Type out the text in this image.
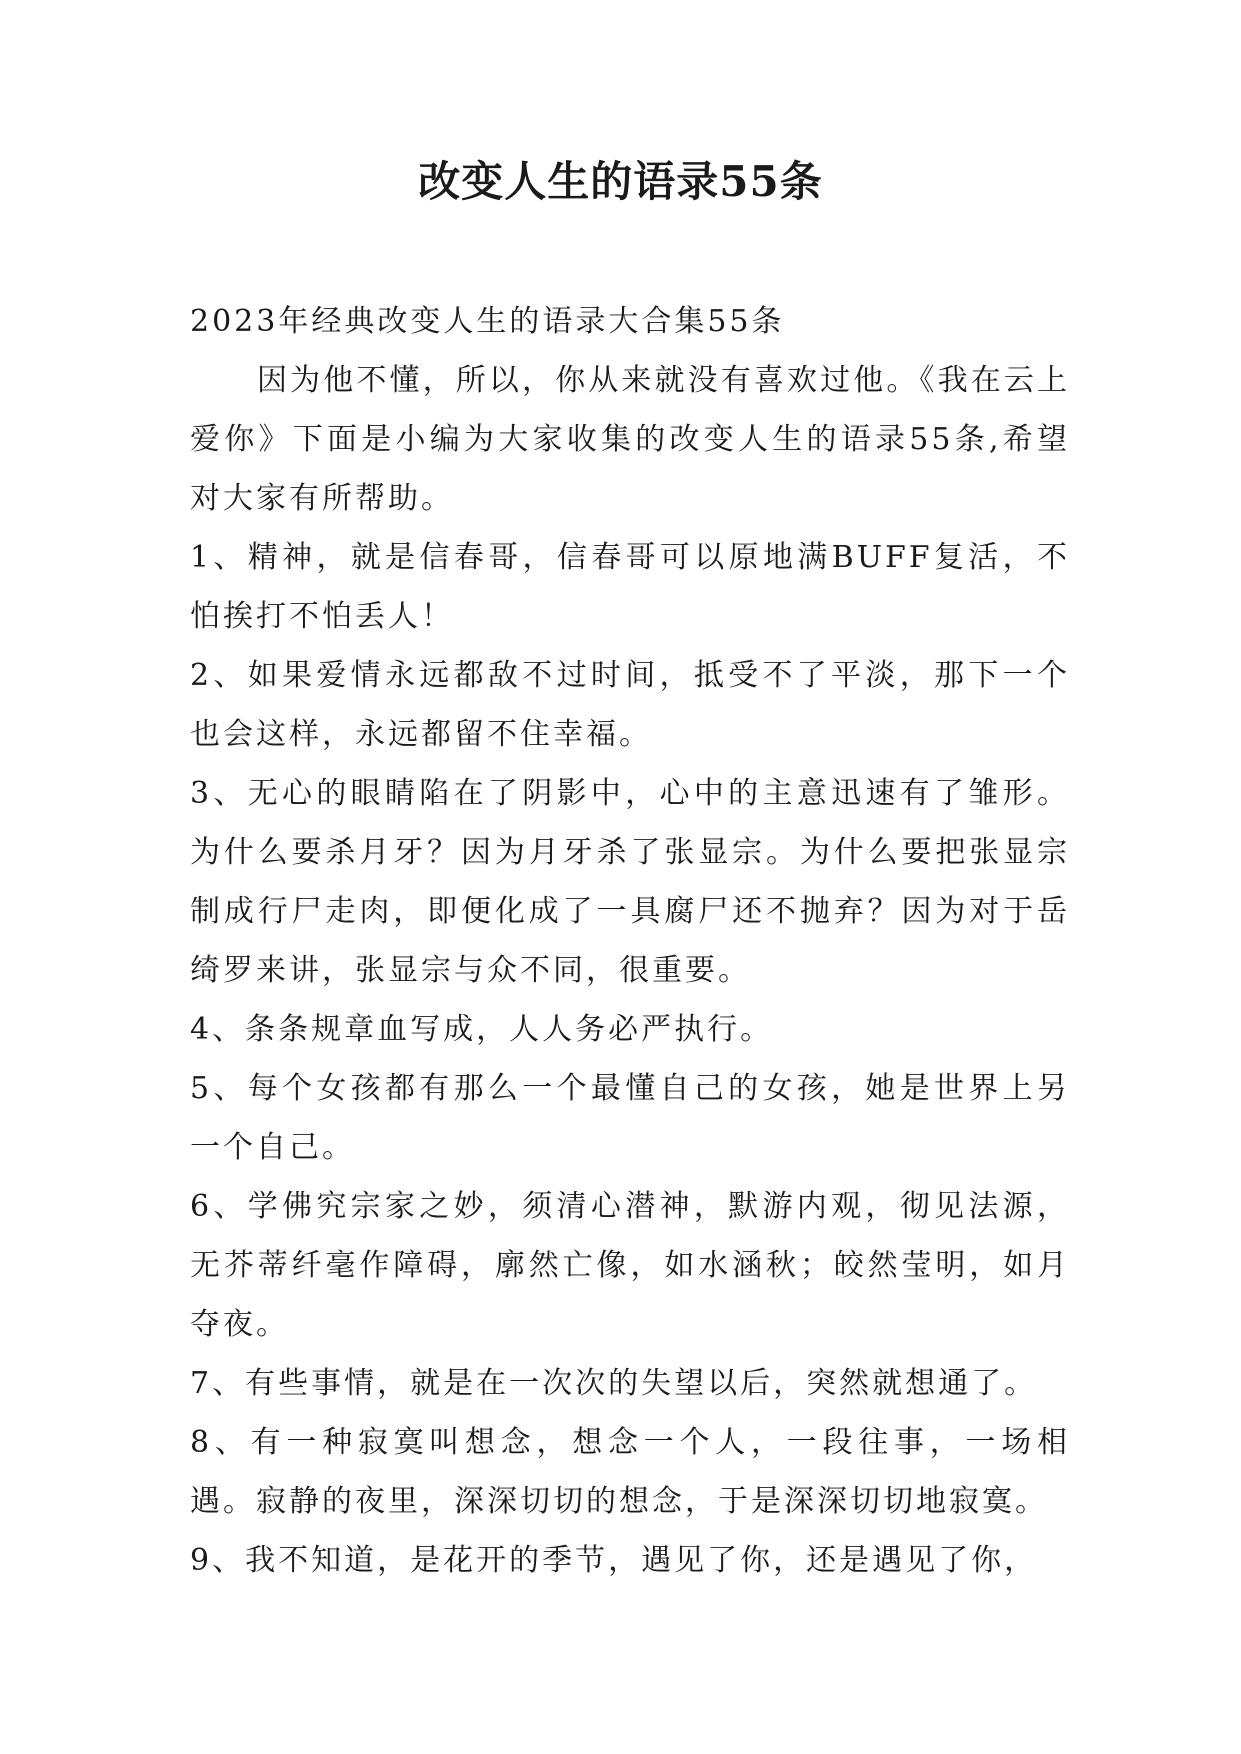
改变人生的语录55条

2023年经典改变人生的语录大合集55条

因为他不懂，所以，你从来就没有喜欢过他。《我在云上爱你》下面是小编为大家收集的改变人生的语录55条,希望对大家有所帮助。

1、精神，就是信春哥，信春哥可以原地满BUFF复活，不怕挨打不怕丢人！

2、如果爱情永远都敌不过时间，抵受不了平淡，那下一个也会这样，永远都留不住幸福。

3、无心的眼睛陷在了阴影中，心中的主意迅速有了雏形。为什么要杀月牙？因为月牙杀了张显宗。为什么要把张显宗制成行尸走肉，即便化成了一具腐尸还不抛弃？因为对于岳绮罗来讲，张显宗与众不同，很重要。

4、条条规章血写成，人人务必严执行。

5、每个女孩都有那么一个最懂自己的女孩，她是世界上另一个自己。

6、学佛究宗家之妙，须清心潜神，默游内观，彻见法源，无芥蒂纤毫作障碍，廓然亡像，如水涵秋；皎然莹明，如月夺夜。

7、有些事情，就是在一次次的失望以后，突然就想通了。

8、有一种寂寞叫想念，想念一个人，一段往事，一场相遇。寂静的夜里，深深切切的想念，于是深深切切地寂寞。

9、我不知道，是花开的季节，遇见了你，还是遇见了你，
